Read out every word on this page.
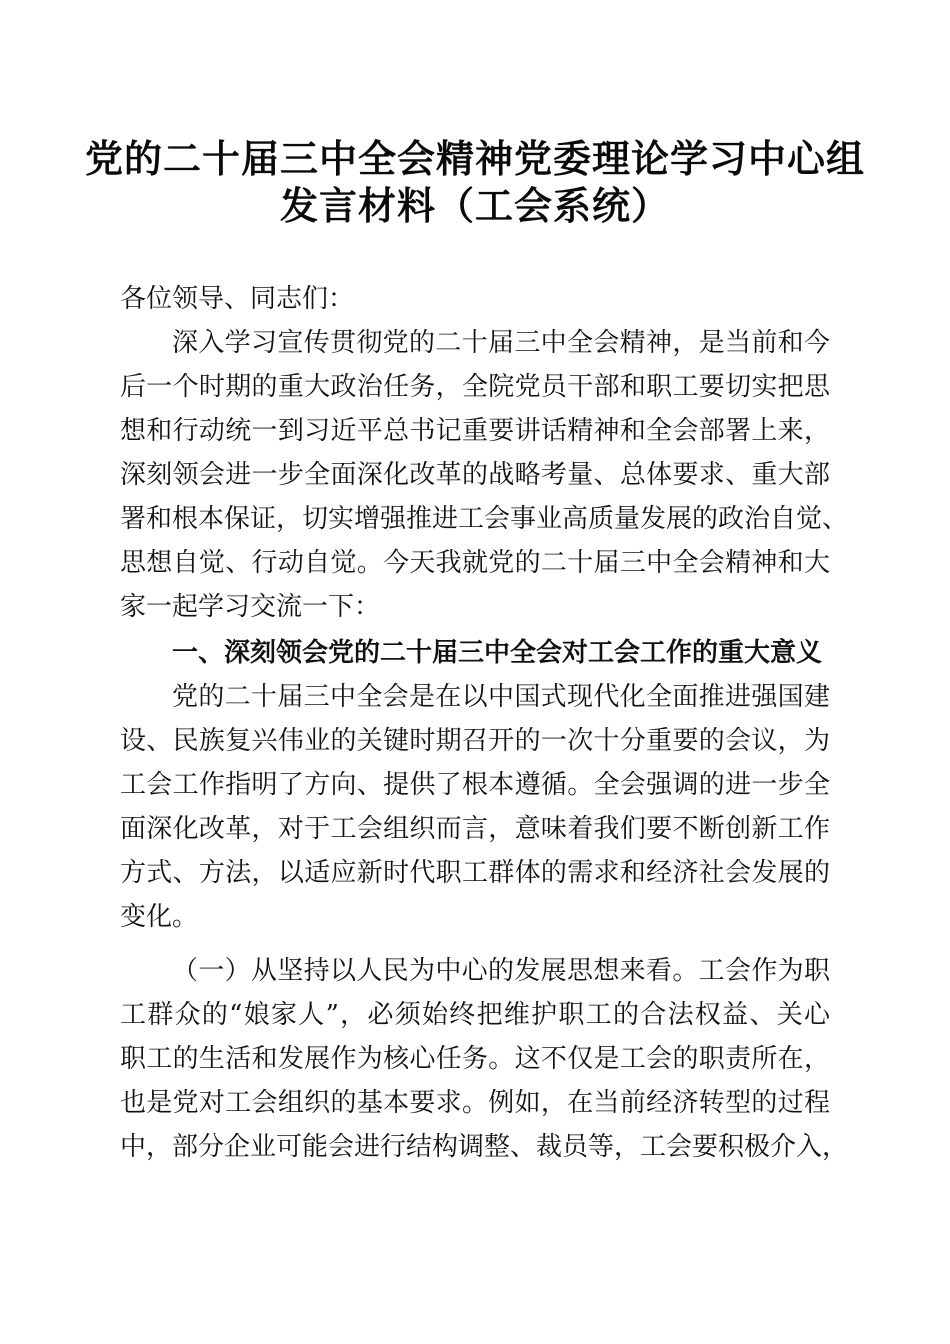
党的二十届三中全会精神党委理论学习中心组
发言材料（工会系统）
各位领导、同志们：
深入学习宣传贯彻党的二十届三中全会精神，是当前和今
后一个时期的重大政治任务，全院党员干部和职工要切实把思
想和行动统一到习近平总书记重要讲话精神和全会部署上来，
深刻领会进一步全面深化改革的战略考量、总体要求、重大部
署和根本保证，切实增强推进工会事业高质量发展的政治自觉、
思想自觉、行动自觉。今天我就党的二十届三中全会精神和大
家一起学习交流一下：
一、深刻领会党的二十届三中全会对工会工作的重大意义
党的二十届三中全会是在以中国式现代化全面推进强国建
设、民族复兴伟业的关键时期召开的一次十分重要的会议，为
工会工作指明了方向、提供了根本遵循。全会强调的进一步全
面深化改革，对于工会组织而言，意味着我们要不断创新工作
方式、方法，以适应新时代职工群体的需求和经济社会发展的
变化。
（一）从坚持以人民为中心的发展思想来看。工会作为职
工群众的“娘家人”，必须始终把维护职工的合法权益、关心
职工的生活和发展作为核心任务。这不仅是工会的职责所在，
也是党对工会组织的基本要求。例如，在当前经济转型的过程
中，部分企业可能会进行结构调整、裁员等，工会要积极介入，
